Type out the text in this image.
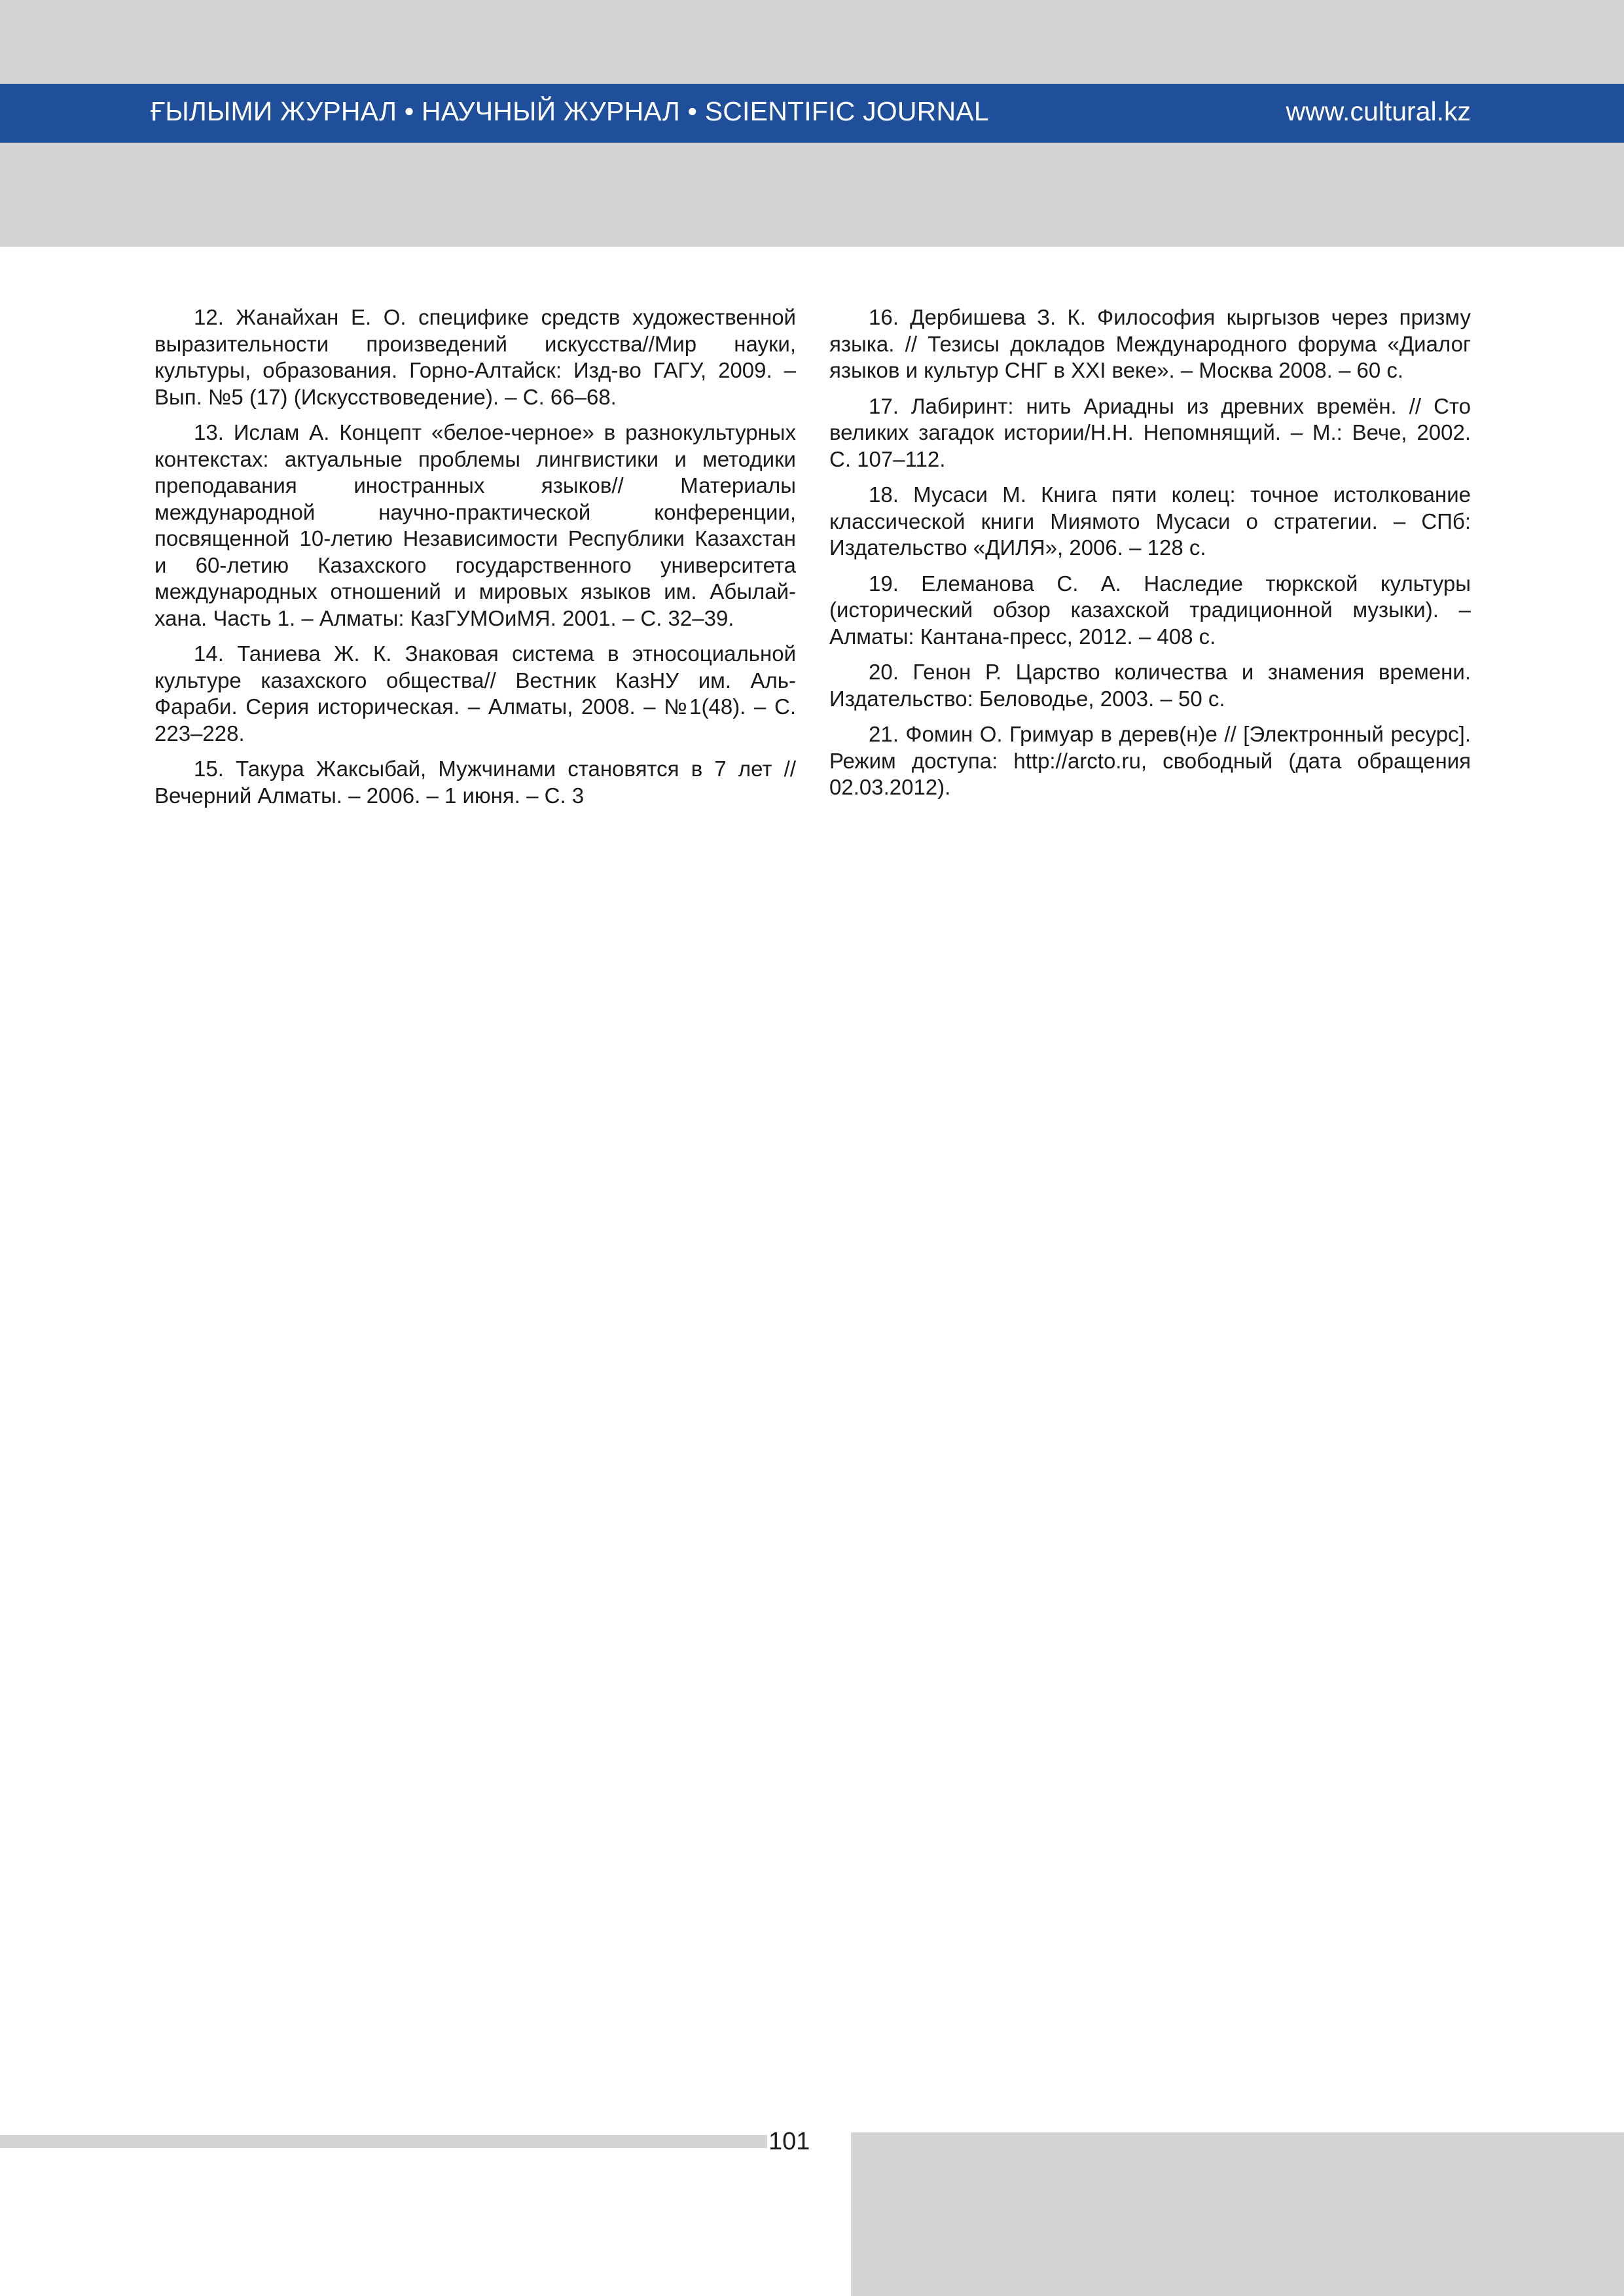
ҒЫЛЫМИ ЖУРНАЛ • НАУЧНЫЙ ЖУРНАЛ • SCIENTIFIC JOURNAL	www.cultural.kz

12. Жанайхан Е. О. специфике средств художественной выразительности произведений искусства//Мир науки, культуры, образования. Горно-Алтайск: Изд-во ГАГУ, 2009. – Вып. №5 (17) (Искусствоведение). – С. 66–68.

13. Ислам А. Концепт «белое-черное» в разнокультурных контекстах: актуальные проблемы лингвистики и методики преподавания иностранных языков// Материалы международной научно-практической конференции, посвященной 10-летию Независимости Республики Казахстан и 60-летию Казахского государственного университета международных отношений и мировых языков им. Абылай-хана. Часть 1. – Алматы: КазГУМОиМЯ. 2001. – С. 32–39.

14. Таниева Ж. К. Знаковая система в этносоциальной культуре казахского общества// Вестник КазНУ им. Аль-Фараби. Серия историческая. – Алматы, 2008. – №1(48). – С. 223–228.

15. Такура Жаксыбай, Мужчинами становятся в 7 лет // Вечерний Алматы. – 2006. – 1 июня. – С. 3

16. Дербишева З. К. Философия кыргызов через призму языка. // Тезисы докладов Международного форума «Диалог языков и культур СНГ в XXI веке». – Москва 2008. – 60 с.

17. Лабиринт: нить Ариадны из древних времён. // Сто великих загадок истории/Н.Н. Непомнящий. – М.: Вече, 2002. С. 107–112.

18. Мусаси М. Книга пяти колец: точное истолкование классической книги Миямото Мусаси о стратегии. – СПб: Издательство «ДИЛЯ», 2006. – 128 с.

19. Елеманова С. А. Наследие тюркской культуры (исторический обзор казахской традиционной музыки). – Алматы: Кантана-пресс, 2012. – 408 с.

20. Генон Р. Царство количества и знамения времени. Издательство: Беловодье, 2003. – 50 с.

21. Фомин О. Гримуар в дерев(н)е // [Электронный ресурс]. Режим доступа: http://arcto.ru, свободный (дата обращения 02.03.2012).

101
